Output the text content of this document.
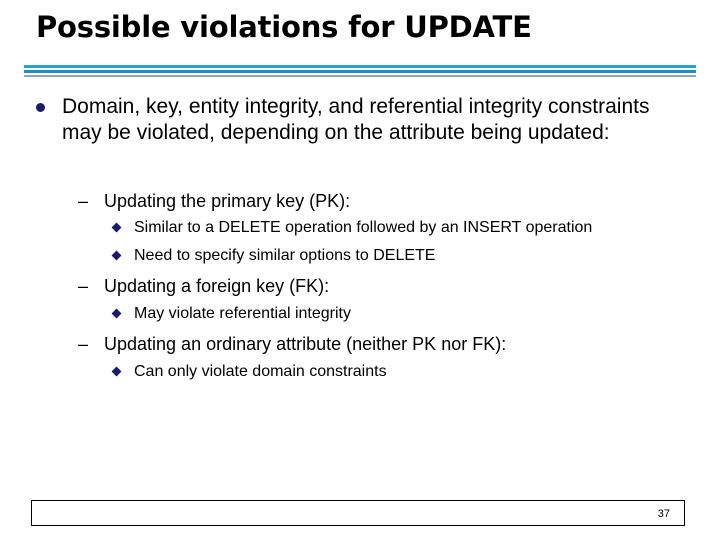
Possible violations for UPDATE
Domain, key, entity integrity, and referential integrity constraints may be violated, depending on the attribute being updated:
– Updating the primary key (PK):
Similar to a DELETE operation followed by an INSERT operation
Need to specify similar options to DELETE
– Updating a foreign key (FK):
May violate referential integrity
– Updating an ordinary attribute (neither PK nor FK):
Can only violate domain constraints
37
